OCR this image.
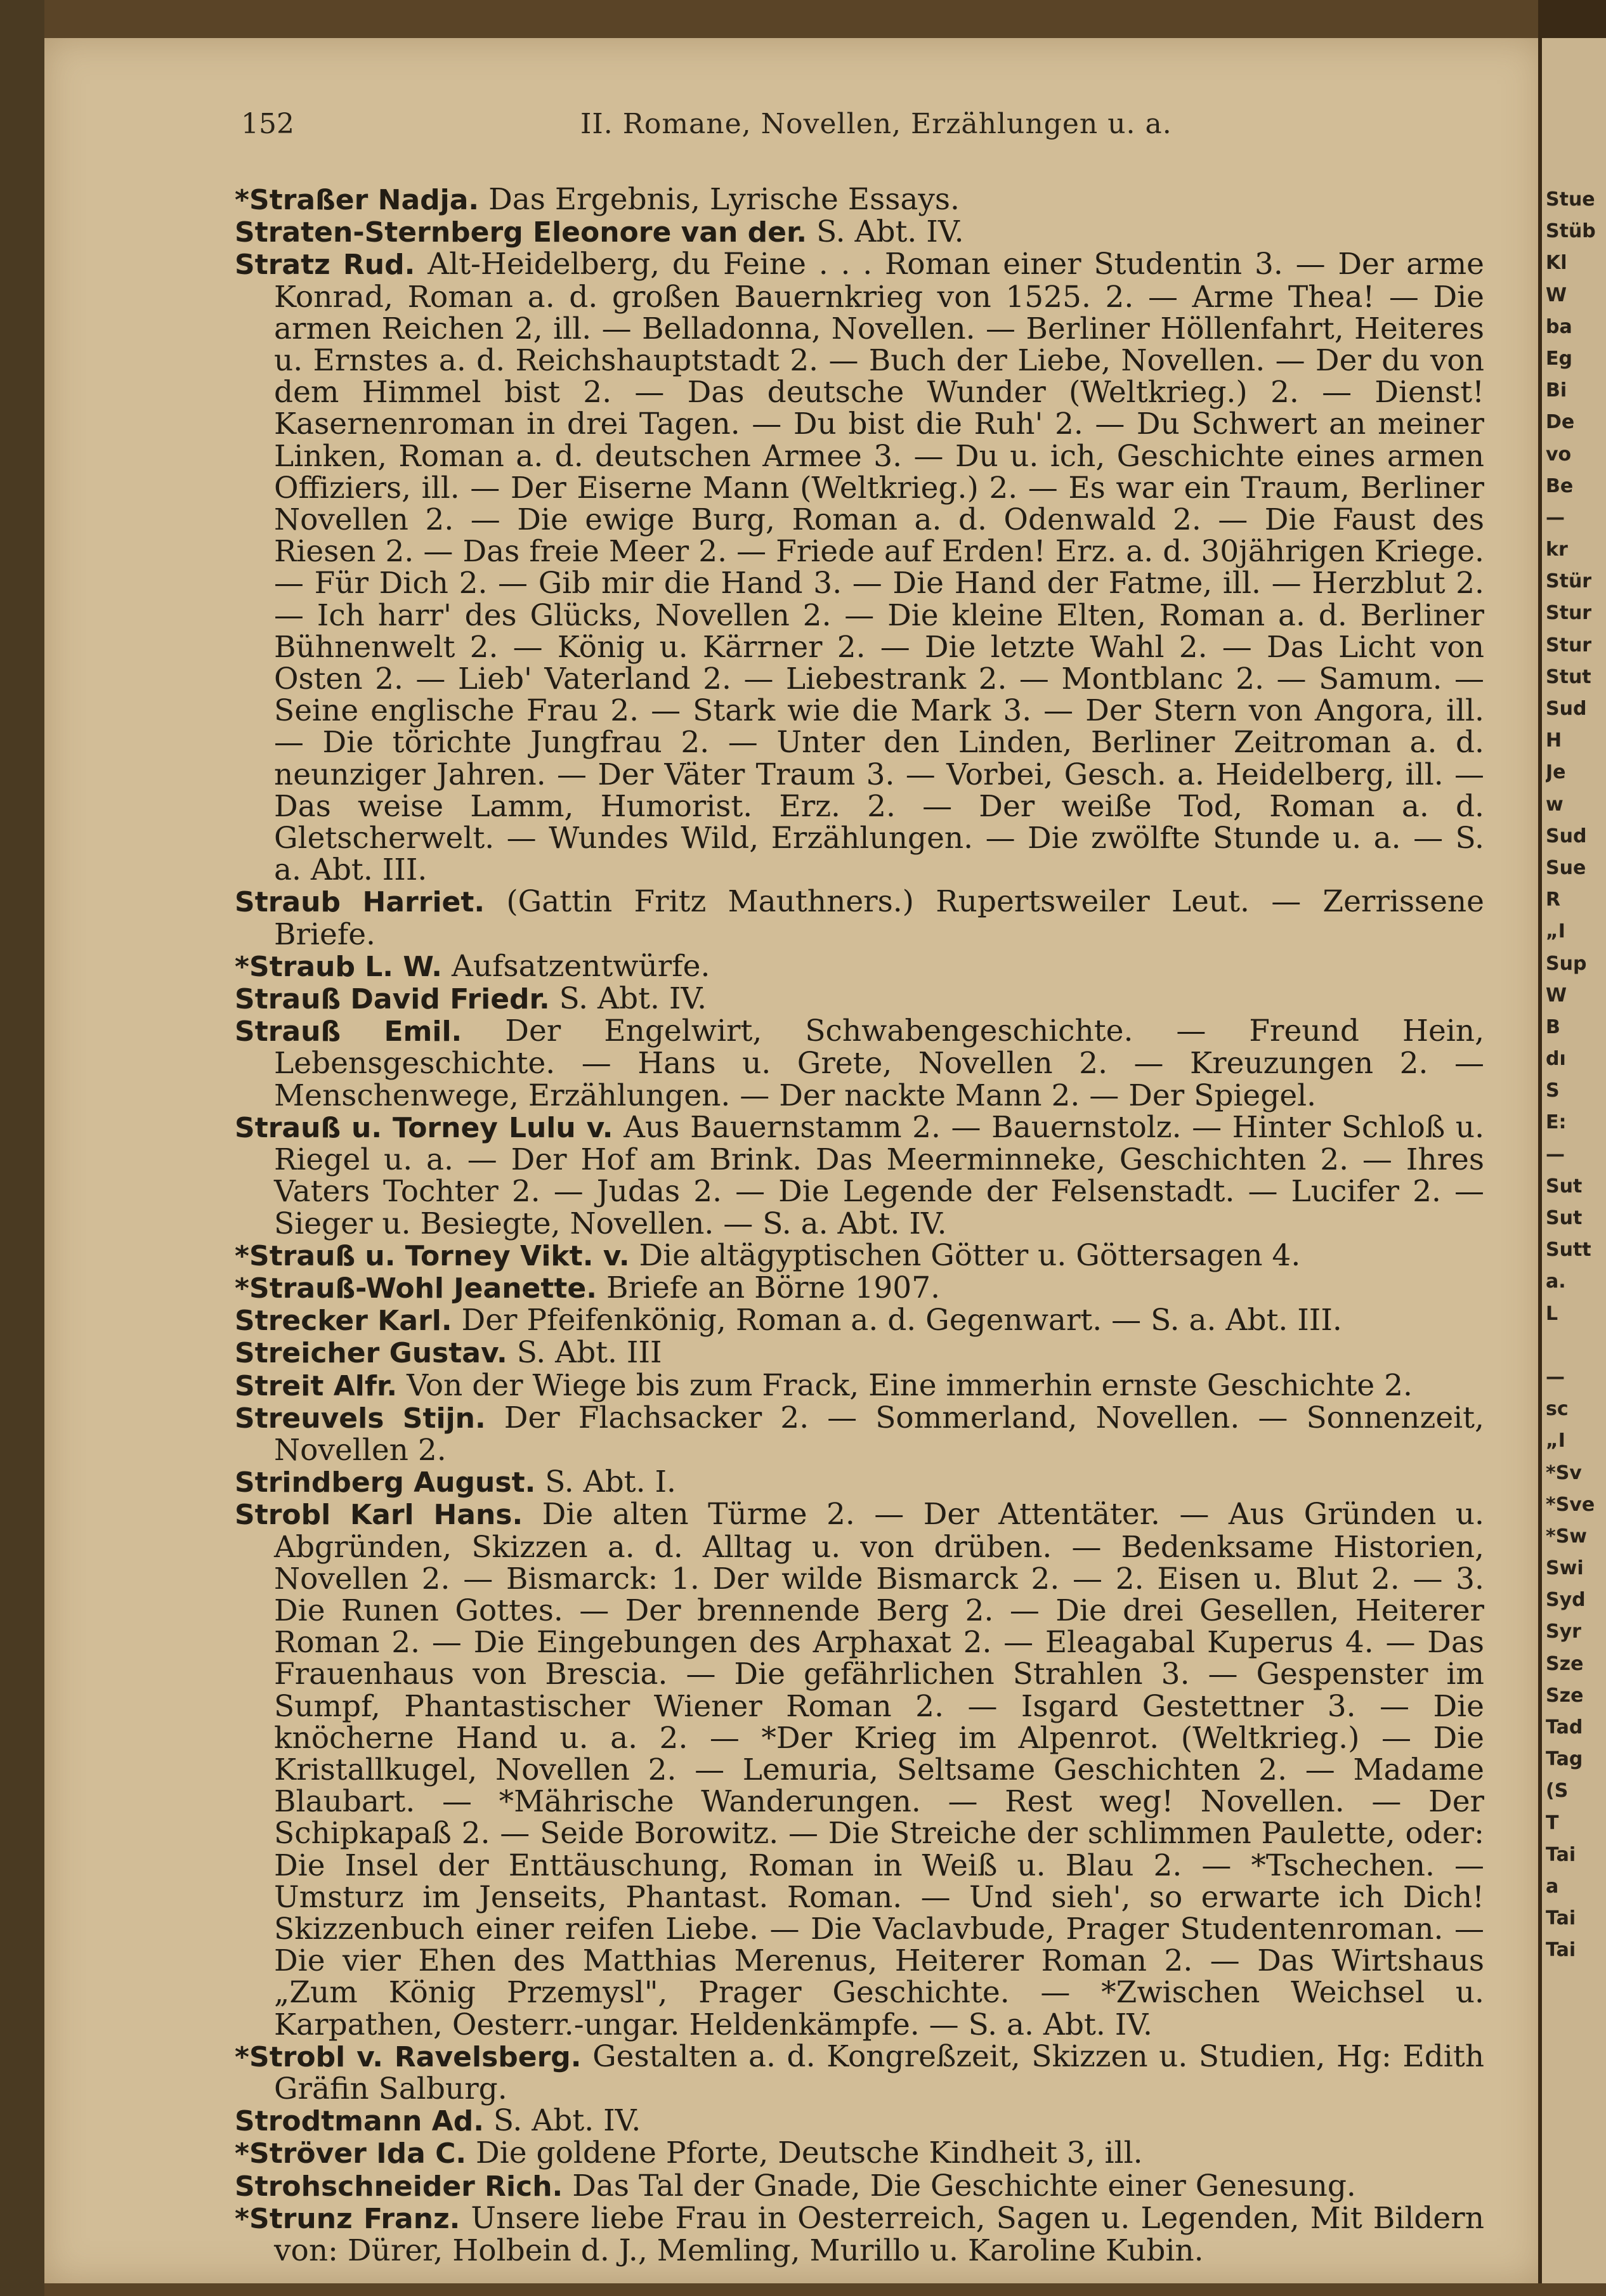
152	II. Romane, Novellen, Erzählungen u. a.
*Straßer Nadja. Das Ergebnis, Lyrische Essays.
Straten-Sternberg Eleonore van der. S. Abt. IV.
Stratz Rud. Alt-Heidelberg, du Feine . . . Roman einer Studentin 3. — Der arme Konrad, Roman a. d. großen Bauernkrieg von 1525. 2. — Arme Thea! — Die armen Reichen 2, ill. — Belladonna, Novellen. — Berliner Höllenfahrt, Heiteres u. Ernstes a. d. Reichshauptstadt 2. — Buch der Liebe, Novellen. — Der du von dem Himmel bist 2. — Das deutsche Wunder (Weltkrieg.) 2. — Dienst! Kasernenroman in drei Tagen. — Du bist die Ruh' 2. — Du Schwert an meiner Linken, Roman a. d. deutschen Armee 3. — Du u. ich, Geschichte eines armen Offiziers, ill. — Der Eiserne Mann (Weltkrieg.) 2. — Es war ein Traum, Berliner Novellen 2. — Die ewige Burg, Roman a. d. Odenwald 2. — Die Faust des Riesen 2. — Das freie Meer 2. — Friede auf Erden! Erz. a. d. 30jährigen Kriege. — Für Dich 2. — Gib mir die Hand 3. — Die Hand der Fatme, ill. — Herzblut 2. — Ich harr' des Glücks, Novellen 2. — Die kleine Elten, Roman a. d. Berliner Bühnenwelt 2. — König u. Kärrner 2. — Die letzte Wahl 2. — Das Licht von Osten 2. — Lieb' Vaterland 2. — Liebestrank 2. — Montblanc 2. — Samum. — Seine englische Frau 2. — Stark wie die Mark 3. — Der Stern von Angora, ill. — Die törichte Jungfrau 2. — Unter den Linden, Berliner Zeitroman a. d. neunziger Jahren. — Der Väter Traum 3. — Vorbei, Gesch. a. Heidelberg, ill. — Das weise Lamm, Humorist. Erz. 2. — Der weiße Tod, Roman a. d. Gletscherwelt. — Wundes Wild, Erzählungen. — Die zwölfte Stunde u. a. — S. a. Abt. III.
Straub Harriet. (Gattin Fritz Mauthners.) Rupertsweiler Leut. — Zerrissene Briefe.
*Straub L. W. Aufsatzentwürfe.
Strauß David Friedr. S. Abt. IV.
Strauß Emil. Der Engelwirt, Schwabengeschichte. — Freund Hein, Lebensgeschichte. — Hans u. Grete, Novellen 2. — Kreuzungen 2. — Menschenwege, Erzählungen. — Der nackte Mann 2. — Der Spiegel.
Strauß u. Torney Lulu v. Aus Bauernstamm 2. — Bauernstolz. — Hinter Schloß u. Riegel u. a. — Der Hof am Brink. Das Meerminneke, Geschichten 2. — Ihres Vaters Tochter 2. — Judas 2. — Die Legende der Felsenstadt. — Lucifer 2. — Sieger u. Besiegte, Novellen. — S. a. Abt. IV.
*Strauß u. Torney Vikt. v. Die altägyptischen Götter u. Göttersagen 4.
*Strauß-Wohl Jeanette. Briefe an Börne 1907.
Strecker Karl. Der Pfeifenkönig, Roman a. d. Gegenwart. — S. a. Abt. III.
Streicher Gustav. S. Abt. III
Streit Alfr. Von der Wiege bis zum Frack, Eine immerhin ernste Geschichte 2.
Streuvels Stijn. Der Flachsacker 2. — Sommerland, Novellen. — Sonnenzeit, Novellen 2.
Strindberg August. S. Abt. I.
Strobl Karl Hans. Die alten Türme 2. — Der Attentäter. — Aus Gründen u. Abgründen, Skizzen a. d. Alltag u. von drüben. — Bedenksame Historien, Novellen 2. — Bismarck: 1. Der wilde Bismarck 2. — 2. Eisen u. Blut 2. — 3. Die Runen Gottes. — Der brennende Berg 2. — Die drei Gesellen, Heiterer Roman 2. — Die Eingebungen des Arphaxat 2. — Eleagabal Kuperus 4. — Das Frauenhaus von Brescia. — Die gefährlichen Strahlen 3. — Gespenster im Sumpf, Phantastischer Wiener Roman 2. — Isgard Gestettner 3. — Die knöcherne Hand u. a. 2. — *Der Krieg im Alpenrot. (Weltkrieg.) — Die Kristallkugel, Novellen 2. — Lemuria, Seltsame Geschichten 2. — Madame Blaubart. — *Mährische Wanderungen. — Rest weg! Novellen. — Der Schipkapaß 2. — Seide Borowitz. — Die Streiche der schlimmen Paulette, oder: Die Insel der Enttäuschung, Roman in Weiß u. Blau 2. — *Tschechen. — Umsturz im Jenseits, Phantast. Roman. — Und sieh', so erwarte ich Dich! Skizzenbuch einer reifen Liebe. — Die Vaclavbude, Prager Studentenroman. — Die vier Ehen des Matthias Merenus, Heiterer Roman 2. — Das Wirtshaus „Zum König Przemysl", Prager Geschichte. — *Zwischen Weichsel u. Karpathen, Oesterr.-ungar. Heldenkämpfe. — S. a. Abt. IV.
*Strobl v. Ravelsberg. Gestalten a. d. Kongreßzeit, Skizzen u. Studien, Hg: Edith Gräfin Salburg.
Strodtmann Ad. S. Abt. IV.
*Ströver Ida C. Die goldene Pforte, Deutsche Kindheit 3, ill.
Strohschneider Rich. Das Tal der Gnade, Die Geschichte einer Genesung.
*Strunz Franz. Unsere liebe Frau in Oesterreich, Sagen u. Legenden, Mit Bildern von: Dürer, Holbein d. J., Memling, Murillo u. Karoline Kubin.
Stue
Stüb
Kl
W
ba
Eg
Bi
De
vo
Be
—
kr
Stür
Stur
Stur
Stut
Sud
H
Je
w
Sud
Sue
R
„I
Sup
W
B
dı
S
E:
—
Sut
Sut
Sutt
a.
L
—
sc
„I
*Sv
*Sve
*Sw
Swi
Syd
Syr
Sze
Sze
Tad
Tag
(S
T
Tai
a
Tai
Tai
